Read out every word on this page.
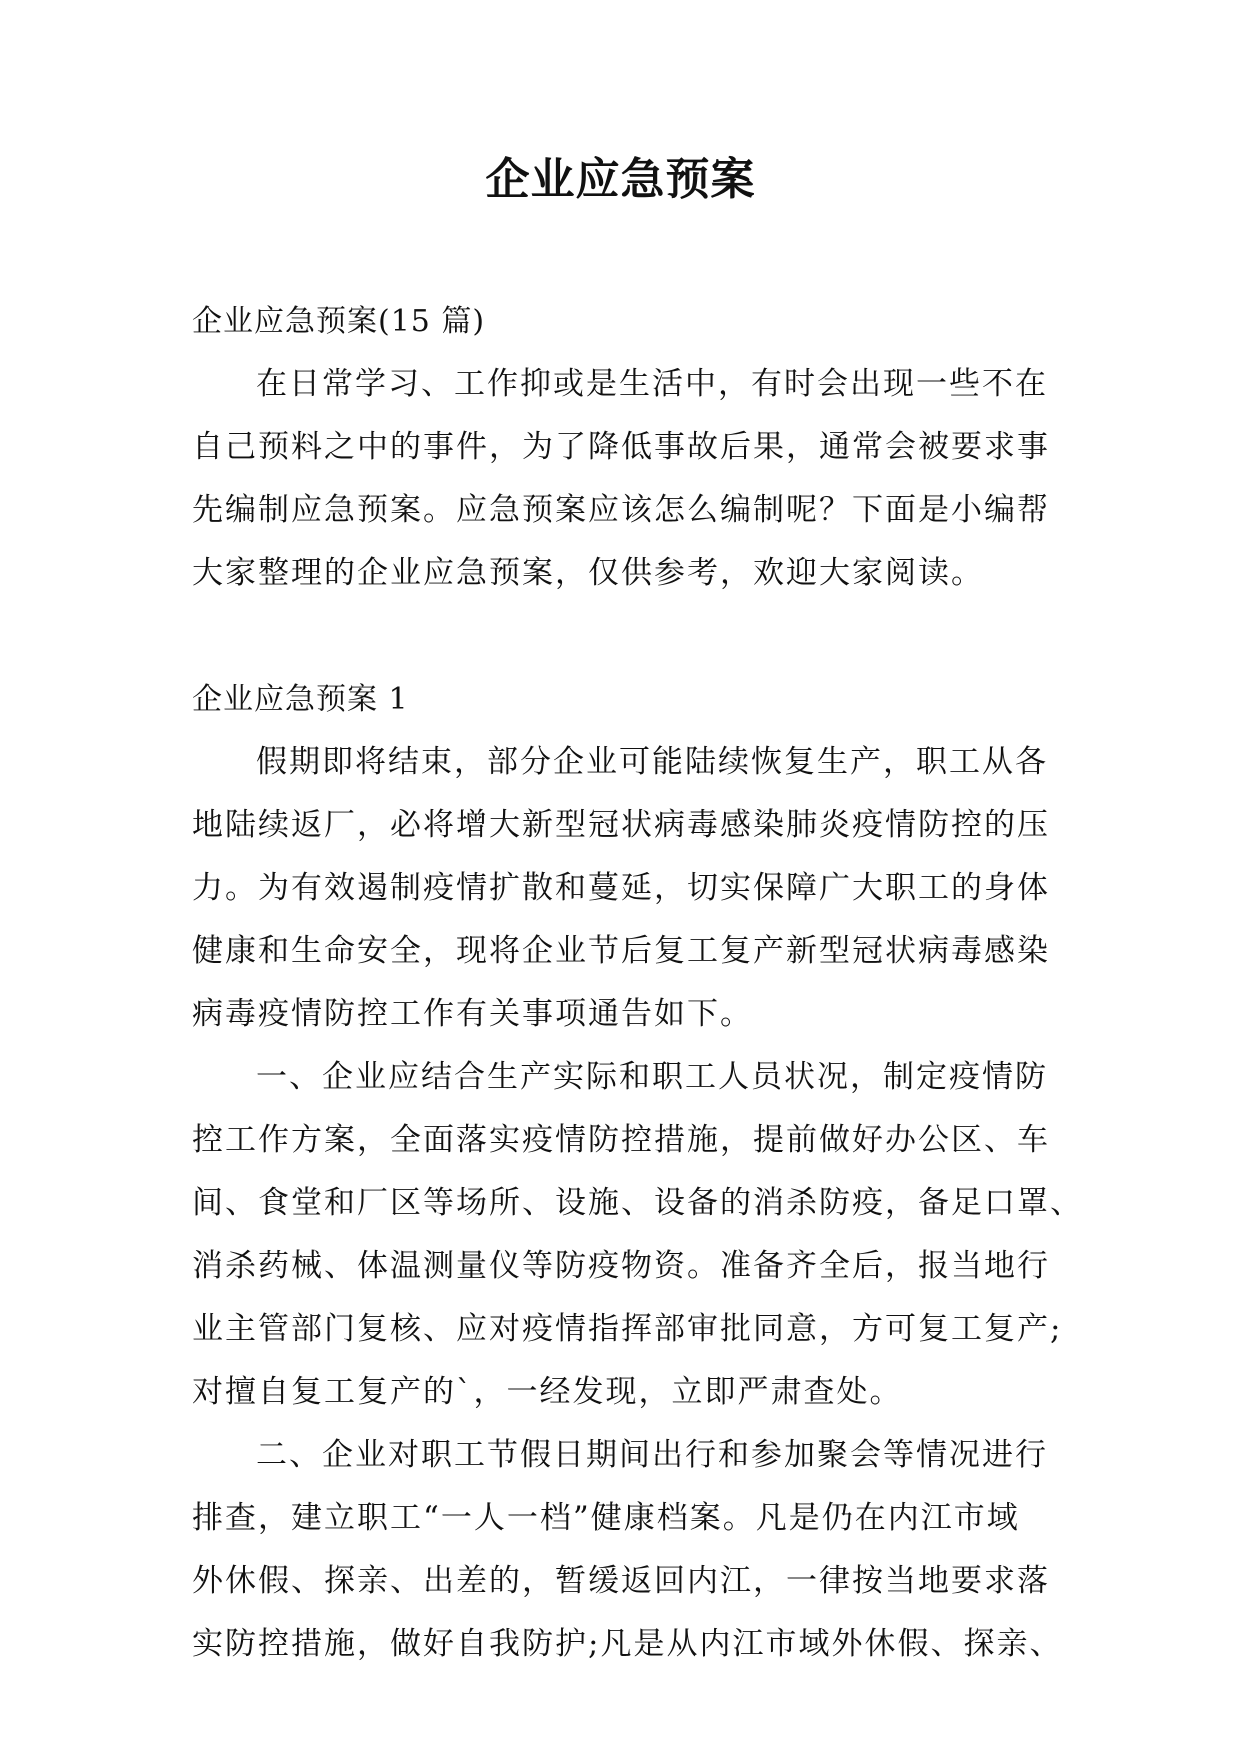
企业应急预案

企业应急预案(15 篇)

在日常学习、工作抑或是生活中，有时会出现一些不在

自己预料之中的事件，为了降低事故后果，通常会被要求事

先编制应急预案。应急预案应该怎么编制呢？下面是小编帮

大家整理的企业应急预案，仅供参考，欢迎大家阅读。

企业应急预案 1

假期即将结束，部分企业可能陆续恢复生产，职工从各

地陆续返厂，必将增大新型冠状病毒感染肺炎疫情防控的压

力。为有效遏制疫情扩散和蔓延，切实保障广大职工的身体

健康和生命安全，现将企业节后复工复产新型冠状病毒感染

病毒疫情防控工作有关事项通告如下。

一、企业应结合生产实际和职工人员状况，制定疫情防

控工作方案，全面落实疫情防控措施，提前做好办公区、车

间、食堂和厂区等场所、设施、设备的消杀防疫，备足口罩、

消杀药械、体温测量仪等防疫物资。准备齐全后，报当地行

业主管部门复核、应对疫情指挥部审批同意，方可复工复产;

对擅自复工复产的`，一经发现，立即严肃查处。

二、企业对职工节假日期间出行和参加聚会等情况进行

排查，建立职工“一人一档”健康档案。凡是仍在内江市域

外休假、探亲、出差的，暂缓返回内江，一律按当地要求落

实防控措施，做好自我防护;凡是从内江市域外休假、探亲、
